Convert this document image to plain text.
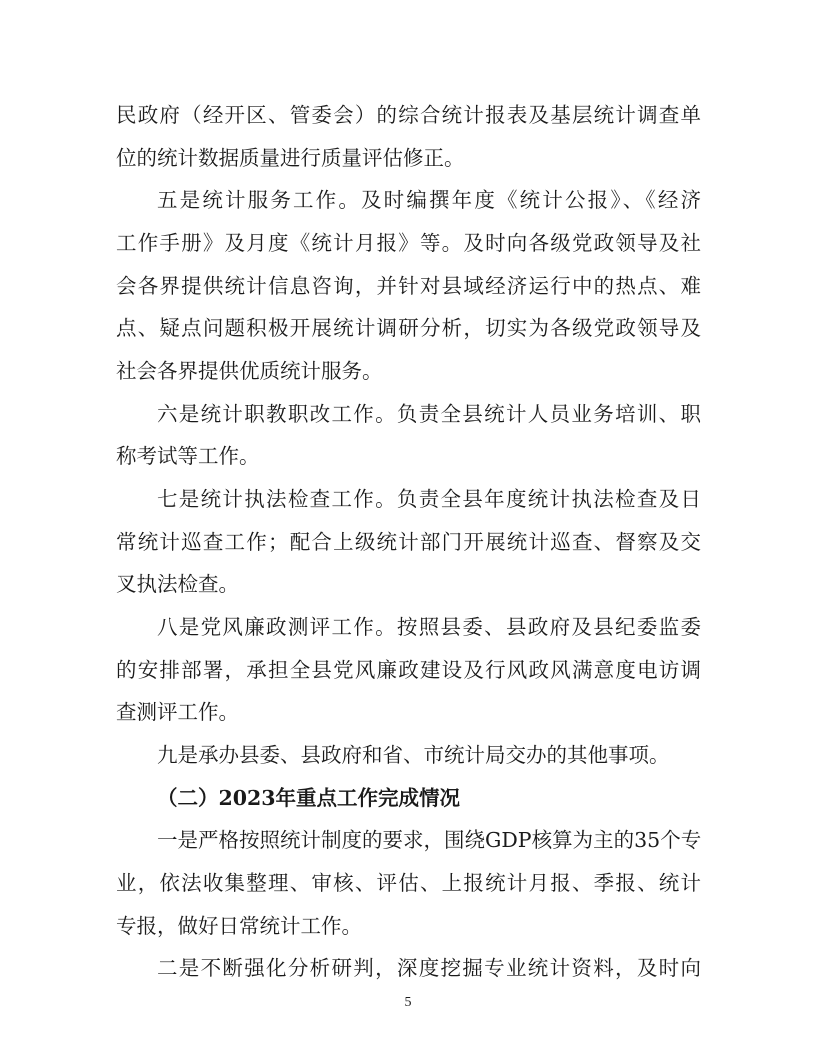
民政府（经开区、管委会）的综合统计报表及基层统计调查单
位的统计数据质量进行质量评估修正。
五是统计服务工作。及时编撰年度《统计公报》、《经济
工作手册》及月度《统计月报》等。及时向各级党政领导及社
会各界提供统计信息咨询，并针对县域经济运行中的热点、难
点、疑点问题积极开展统计调研分析，切实为各级党政领导及
社会各界提供优质统计服务。
六是统计职教职改工作。负责全县统计人员业务培训、职
称考试等工作。
七是统计执法检查工作。负责全县年度统计执法检查及日
常统计巡查工作；配合上级统计部门开展统计巡查、督察及交
叉执法检查。
八是党风廉政测评工作。按照县委、县政府及县纪委监委
的安排部署，承担全县党风廉政建设及行风政风满意度电访调
查测评工作。
九是承办县委、县政府和省、市统计局交办的其他事项。
（二）2023年重点工作完成情况
一是严格按照统计制度的要求，围绕GDP核算为主的35个专
业，依法收集整理、审核、评估、上报统计月报、季报、统计
专报，做好日常统计工作。
二是不断强化分析研判，深度挖掘专业统计资料，及时向
5
